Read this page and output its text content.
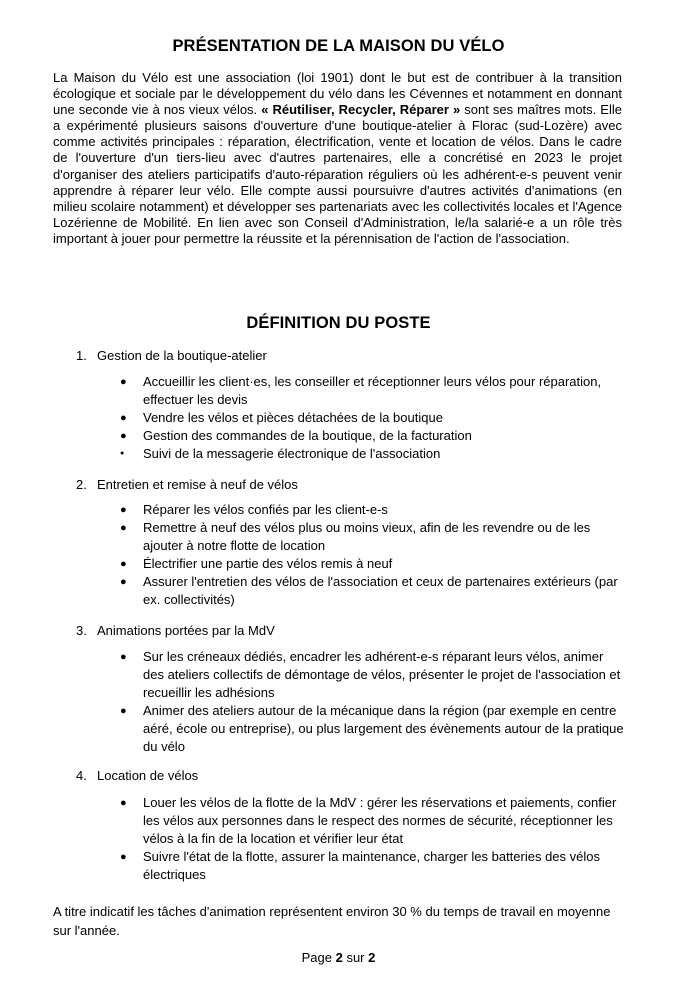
PRÉSENTATION DE LA MAISON DU VÉLO

La Maison du Vélo est une association (loi 1901) dont le but est de contribuer à la transition écologique et sociale par le développement du vélo dans les Cévennes et notamment en donnant une seconde vie à nos vieux vélos. « Réutiliser, Recycler, Réparer » sont ses maîtres mots. Elle a expérimenté plusieurs saisons d'ouverture d'une boutique-atelier à Florac (sud-Lozère) avec comme activités principales : réparation, électrification, vente et location de vélos. Dans le cadre de l'ouverture d'un tiers-lieu avec d'autres partenaires, elle a concrétisé en 2023 le projet d'organiser des ateliers participatifs d'auto-réparation réguliers où les adhérent-e-s peuvent venir apprendre à réparer leur vélo. Elle compte aussi poursuivre d'autres activités d'animations (en milieu scolaire notamment) et développer ses partenariats avec les collectivités locales et l'Agence Lozérienne de Mobilité. En lien avec son Conseil d'Administration, le/la salarié-e a un rôle très important à jouer pour permettre la réussite et la pérennisation de l'action de l'association.

DÉFINITION DU POSTE

1. Gestion de la boutique-atelier

● Accueillir les client·es, les conseiller et réceptionner leurs vélos pour réparation, effectuer les devis
● Vendre les vélos et pièces détachées de la boutique
● Gestion des commandes de la boutique, de la facturation
● Suivi de la messagerie électronique de l'association

2. Entretien et remise à neuf de vélos

● Réparer les vélos confiés par les client-e-s
● Remettre à neuf des vélos plus ou moins vieux, afin de les revendre ou de les ajouter à notre flotte de location
● Électrifier une partie des vélos remis à neuf
● Assurer l'entretien des vélos de l'association et ceux de partenaires extérieurs (par ex. collectivités)

3. Animations portées par la MdV

● Sur les créneaux dédiés, encadrer les adhérent-e-s réparant leurs vélos, animer des ateliers collectifs de démontage de vélos, présenter le projet de l'association et recueillir les adhésions
● Animer des ateliers autour de la mécanique dans la région (par exemple en centre aéré, école ou entreprise), ou plus largement des évènements autour de la pratique du vélo

4. Location de vélos

● Louer les vélos de la flotte de la MdV : gérer les réservations et paiements, confier les vélos aux personnes dans le respect des normes de sécurité, réceptionner les vélos à la fin de la location et vérifier leur état
● Suivre l'état de la flotte, assurer la maintenance, charger les batteries des vélos électriques

A titre indicatif les tâches d'animation représentent environ 30 % du temps de travail en moyenne sur l'année.

Page 2 sur 2
